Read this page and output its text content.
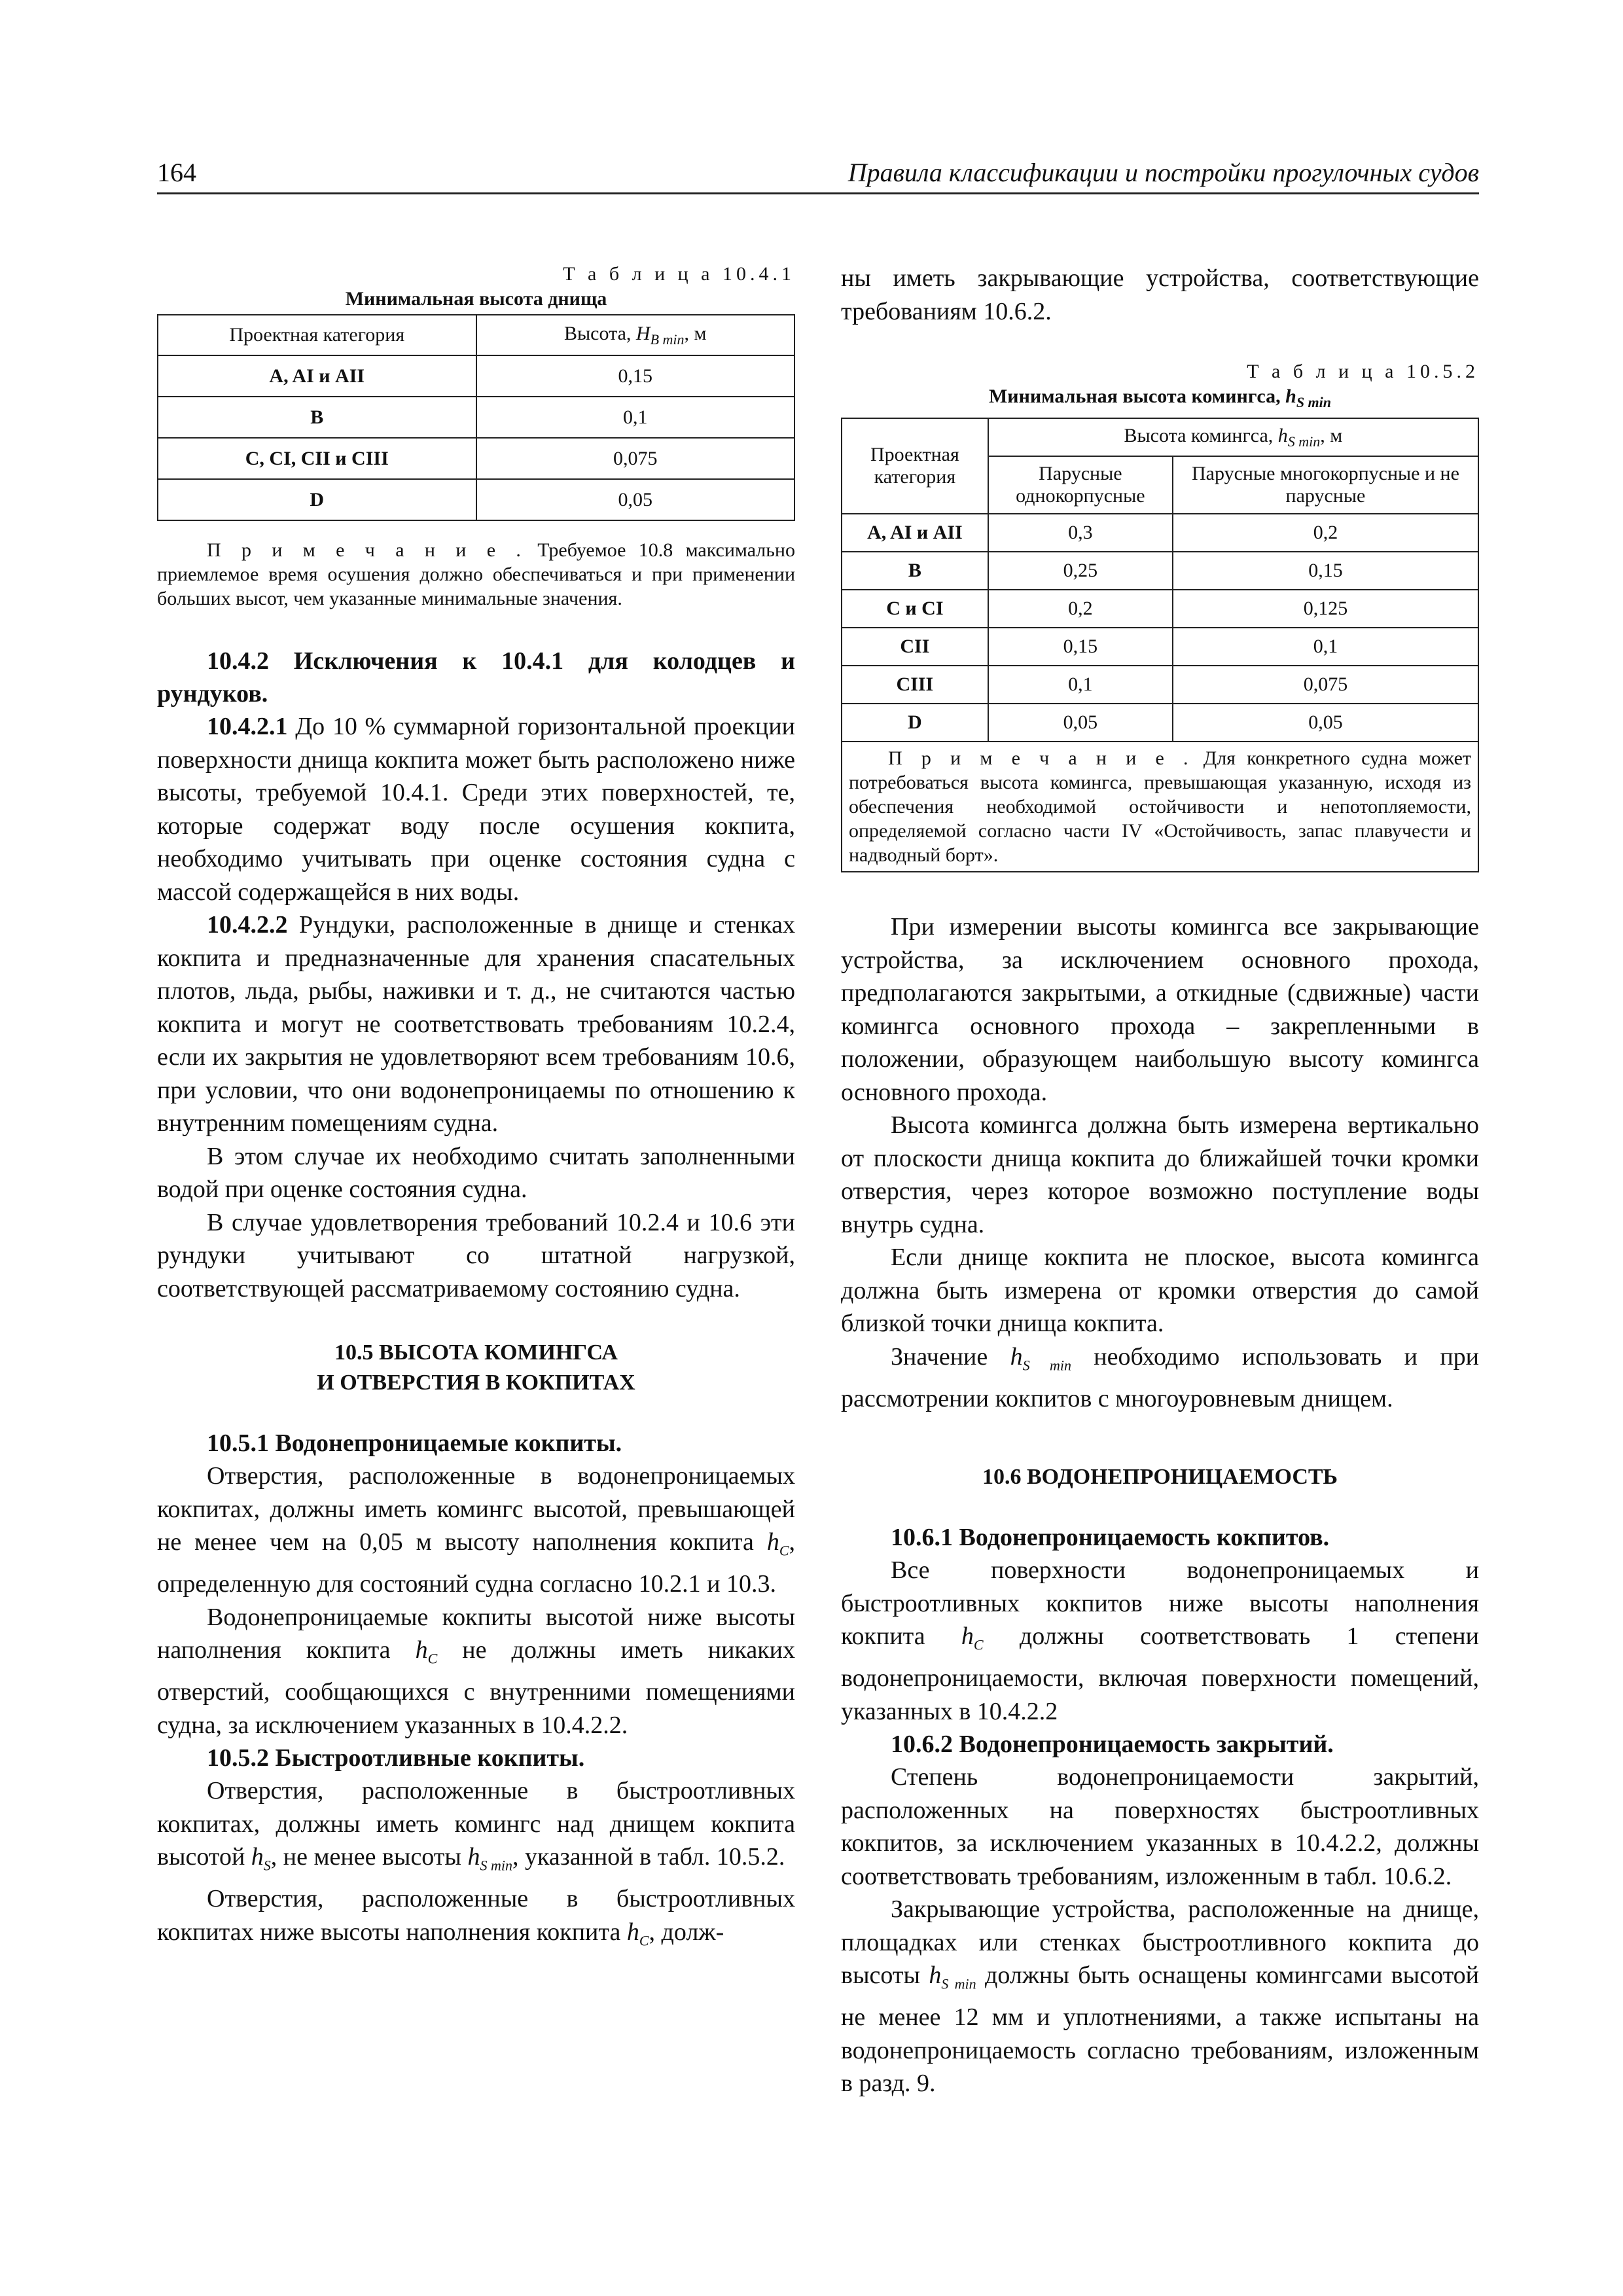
164	Правила классификации и постройки прогулочных судов
Т а б л и ц а 10.4.1
Минимальная высота днища
Проектная категория	Высота, $H_{B min}$, м
A, AI и AII	0,15
B	0,1
C, CI, CII и CIII	0,075
D	0,05

П р и м е ч а н и е . Требуемое 10.8 максимально приемлемое время осушения должно обеспечиваться и при применении больших высот, чем указанные минимальные значения.

10.4.2 Исключения к 10.4.1 для колодцев и рундуков.

10.4.2.1 До 10 % суммарной горизонтальной проекции поверхности днища кокпита может быть расположено ниже высоты, требуемой 10.4.1. Среди этих поверхностей, те, которые содержат воду после осушения кокпита, необходимо учитывать при оценке состояния судна с массой содержащейся в них воды.

10.4.2.2 Рундуки, расположенные в днище и стенках кокпита и предназначенные для хранения спасательных плотов, льда, рыбы, наживки и т. д., не считаются частью кокпита и могут не соответствовать требованиям 10.2.4, если их закрытия не удовлетворяют всем требованиям 10.6, при условии, что они водонепроницаемы по отношению к внутренним помещениям судна.

В этом случае их необходимо считать заполненными водой при оценке состояния судна.

В случае удовлетворения требований 10.2.4 и 10.6 эти рундуки учитывают со штатной нагрузкой, соответствующей рассматриваемому состоянию судна.

10.5 ВЫСОТА КОМИНГСА
И ОТВЕРСТИЯ В КОКПИТАХ
10.5.1 Водонепроницаемые кокпиты.

Отверстия, расположенные в водонепроницаемых кокпитах, должны иметь комингс высотой, превышающей не менее чем на 0,05 м высоту наполнения кокпита $h_C$, определенную для состояний судна согласно 10.2.1 и 10.3.

Водонепроницаемые кокпиты высотой ниже высоты наполнения кокпита $h_C$ не должны иметь никаких отверстий, сообщающихся с внутренними помещениями судна, за исключением указанных в 10.4.2.2.

10.5.2 Быстроотливные кокпиты.

Отверстия, расположенные в быстроотливных кокпитах, должны иметь комингс над днищем кокпита высотой $h_S$, не менее высоты $h_{S min}$, указанной в табл. 10.5.2.

Отверстия, расположенные в быстроотливных кокпитах ниже высоты наполнения кокпита $h_C$, долж-

ны иметь закрывающие устройства, соответствующие требованиям 10.6.2.

Т а б л и ц а 10.5.2
Минимальная высота комингса, $h_{S min}$
Проектная категория	Высота комингса, $h_{S min}$, м	
	Парусные однокорпусные	Парусные многокорпусные и не парусные
A, AI и AII	0,3	0,2
B	0,25	0,15
C и CI	0,2	0,125
CII	0,15	0,1
CIII	0,1	0,075
D	0,05	0,05

П р и м е ч а н и е . Для конкретного судна может потребоваться высота комингса, превышающая указанную, исходя из обеспечения необходимой остойчивости и непотопляемости, определяемой согласно части IV «Остойчивость, запас плавучести и надводный борт».		

При измерении высоты комингса все закрывающие устройства, за исключением основного прохода, предполагаются закрытыми, а откидные (сдвижные) части комингса основного прохода – закрепленными в положении, образующем наибольшую высоту комингса основного прохода.

Высота комингса должна быть измерена вертикально от плоскости днища кокпита до ближайшей точки кромки отверстия, через которое возможно поступление воды внутрь судна.

Если днище кокпита не плоское, высота комингса должна быть измерена от кромки отверстия до самой близкой точки днища кокпита.

Значение $h_{S min}$ необходимо использовать и при рассмотрении кокпитов с многоуровневым днищем.

10.6 ВОДОНЕПРОНИЦАЕМОСТЬ
10.6.1 Водонепроницаемость кокпитов.

Все поверхности водонепроницаемых и быстроотливных кокпитов ниже высоты наполнения кокпита $h_C$ должны соответствовать 1 степени водонепроницаемости, включая поверхности помещений, указанных в 10.4.2.2

10.6.2 Водонепроницаемость закрытий.

Степень водонепроницаемости закрытий, расположенных на поверхностях быстроотливных кокпитов, за исключением указанных в 10.4.2.2, должны соответствовать требованиям, изложенным в табл. 10.6.2.

Закрывающие устройства, расположенные на днище, площадках или стенках быстроотливного кокпита до высоты $h_{S min}$ должны быть оснащены комингсами высотой не менее 12 мм и уплотнениями, а также испытаны на водонепроницаемость согласно требованиям, изложенным в разд. 9.
